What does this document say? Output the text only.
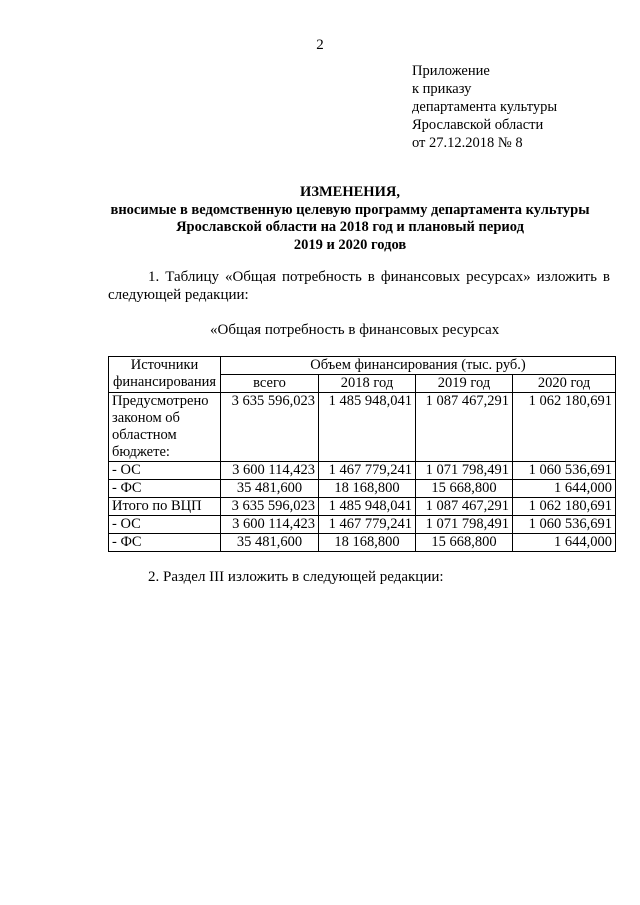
2
Приложение
к приказу
департамента культуры
Ярославской области
от 27.12.2018 № 8
ИЗМЕНЕНИЯ,
вносимые в ведомственную целевую программу департамента культуры
Ярославской области на 2018 год и плановый период
2019 и 2020 годов
1. Таблицу «Общая потребность в финансовых ресурсах» изложить в следующей редакции:
«Общая потребность в финансовых ресурсах
Источники финансирования	Объем финансирования (тыс. руб.)			
	всего	2018 год	2019 год	2020 год
Предусмотрено законом об областном бюджете:	3 635 596,023	1 485 948,041	1 087 467,291	1 062 180,691
- ОС	3 600 114,423	1 467 779,241	1 071 798,491	1 060 536,691
- ФС	35 481,600	18 168,800	15 668,800	1 644,000
Итого по ВЦП	3 635 596,023	1 485 948,041	1 087 467,291	1 062 180,691
- ОС	3 600 114,423	1 467 779,241	1 071 798,491	1 060 536,691
- ФС	35 481,600	18 168,800	15 668,800	1 644,000
2. Раздел III изложить в следующей редакции:
